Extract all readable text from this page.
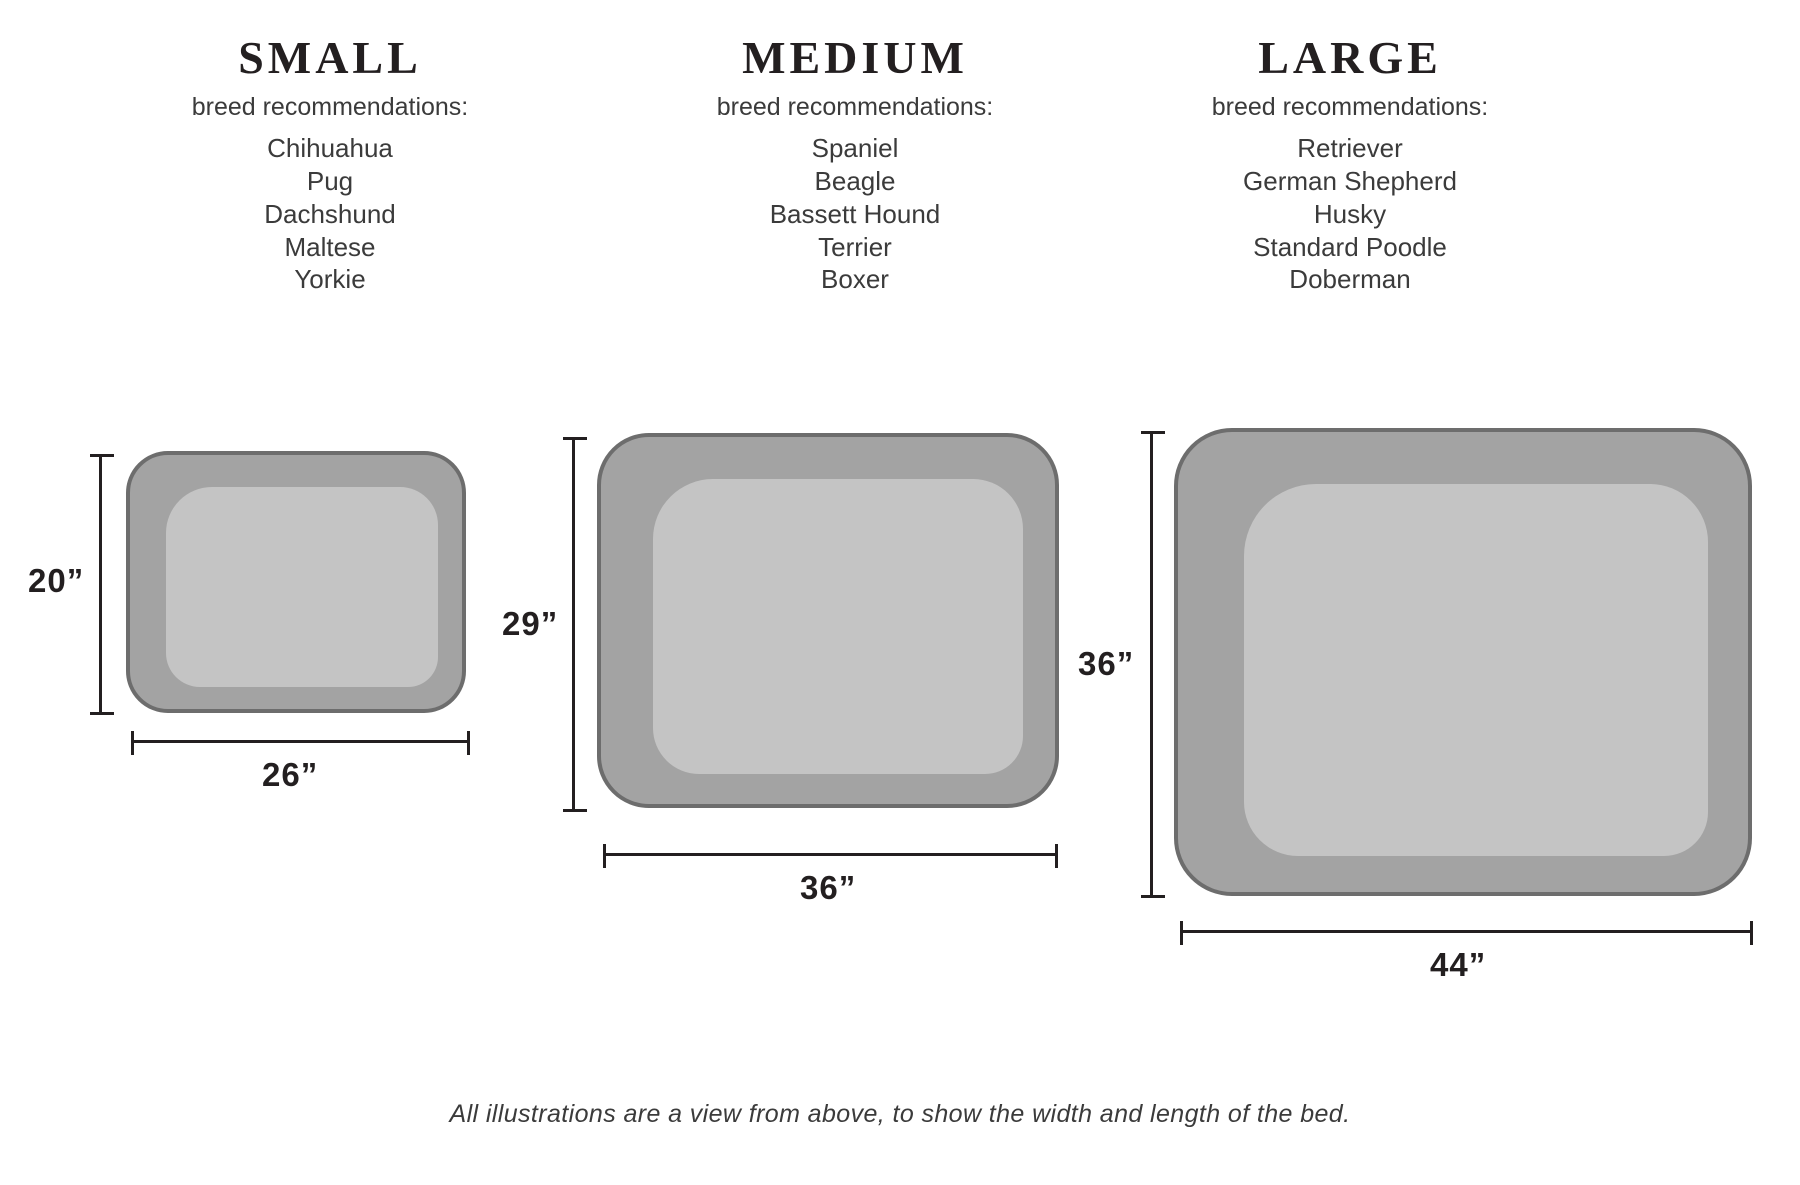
SMALL
breed recommendations:
Chihuahua
Pug
Dachshund
Maltese
Yorkie
MEDIUM
breed recommendations:
Spaniel
Beagle
Bassett Hound
Terrier
Boxer
LARGE
breed recommendations:
Retriever
German Shepherd
Husky
Standard Poodle
Doberman
26”
20”
36”
29”
44”
36”
All illustrations are a view from above, to show the width and length of the bed.
